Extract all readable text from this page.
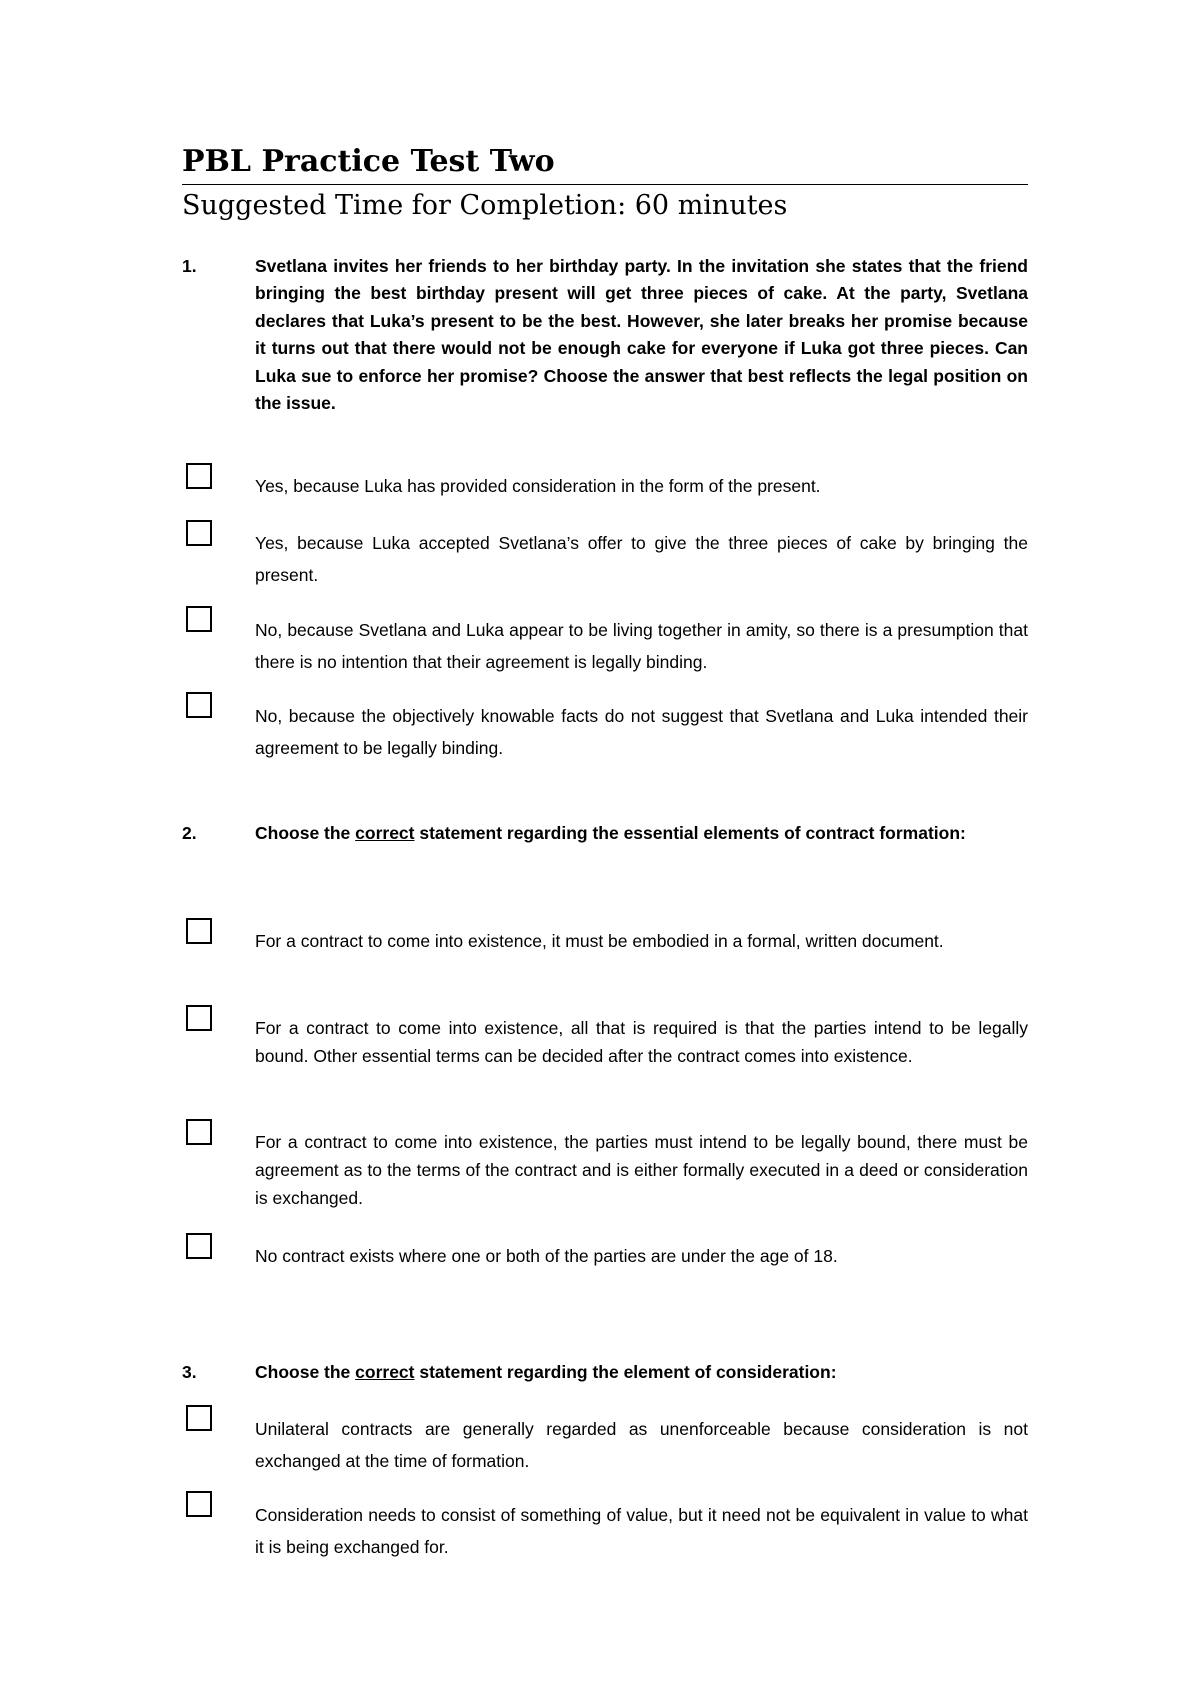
PBL Practice Test Two
Suggested Time for Completion: 60 minutes
1.	Svetlana invites her friends to her birthday party. In the invitation she states that the friend bringing the best birthday present will get three pieces of cake. At the party, Svetlana declares that Luka’s present to be the best. However, she later breaks her promise because it turns out that there would not be enough cake for everyone if Luka got three pieces. Can Luka sue to enforce her promise? Choose the answer that best reflects the legal position on the issue.
Yes, because Luka has provided consideration in the form of the present.
Yes, because Luka accepted Svetlana’s offer to give the three pieces of cake by bringing the present.
No, because Svetlana and Luka appear to be living together in amity, so there is a presumption that there is no intention that their agreement is legally binding.
No, because the objectively knowable facts do not suggest that Svetlana and Luka intended their agreement to be legally binding.
2.	Choose the correct statement regarding the essential elements of contract formation:
For a contract to come into existence, it must be embodied in a formal, written document.
For a contract to come into existence, all that is required is that the parties intend to be legally bound. Other essential terms can be decided after the contract comes into existence.
For a contract to come into existence, the parties must intend to be legally bound, there must be agreement as to the terms of the contract and is either formally executed in a deed or consideration is exchanged.
No contract exists where one or both of the parties are under the age of 18.
3.	Choose the correct statement regarding the element of consideration:
Unilateral contracts are generally regarded as unenforceable because consideration is not exchanged at the time of formation.
Consideration needs to consist of something of value, but it need not be equivalent in value to what it is being exchanged for.
